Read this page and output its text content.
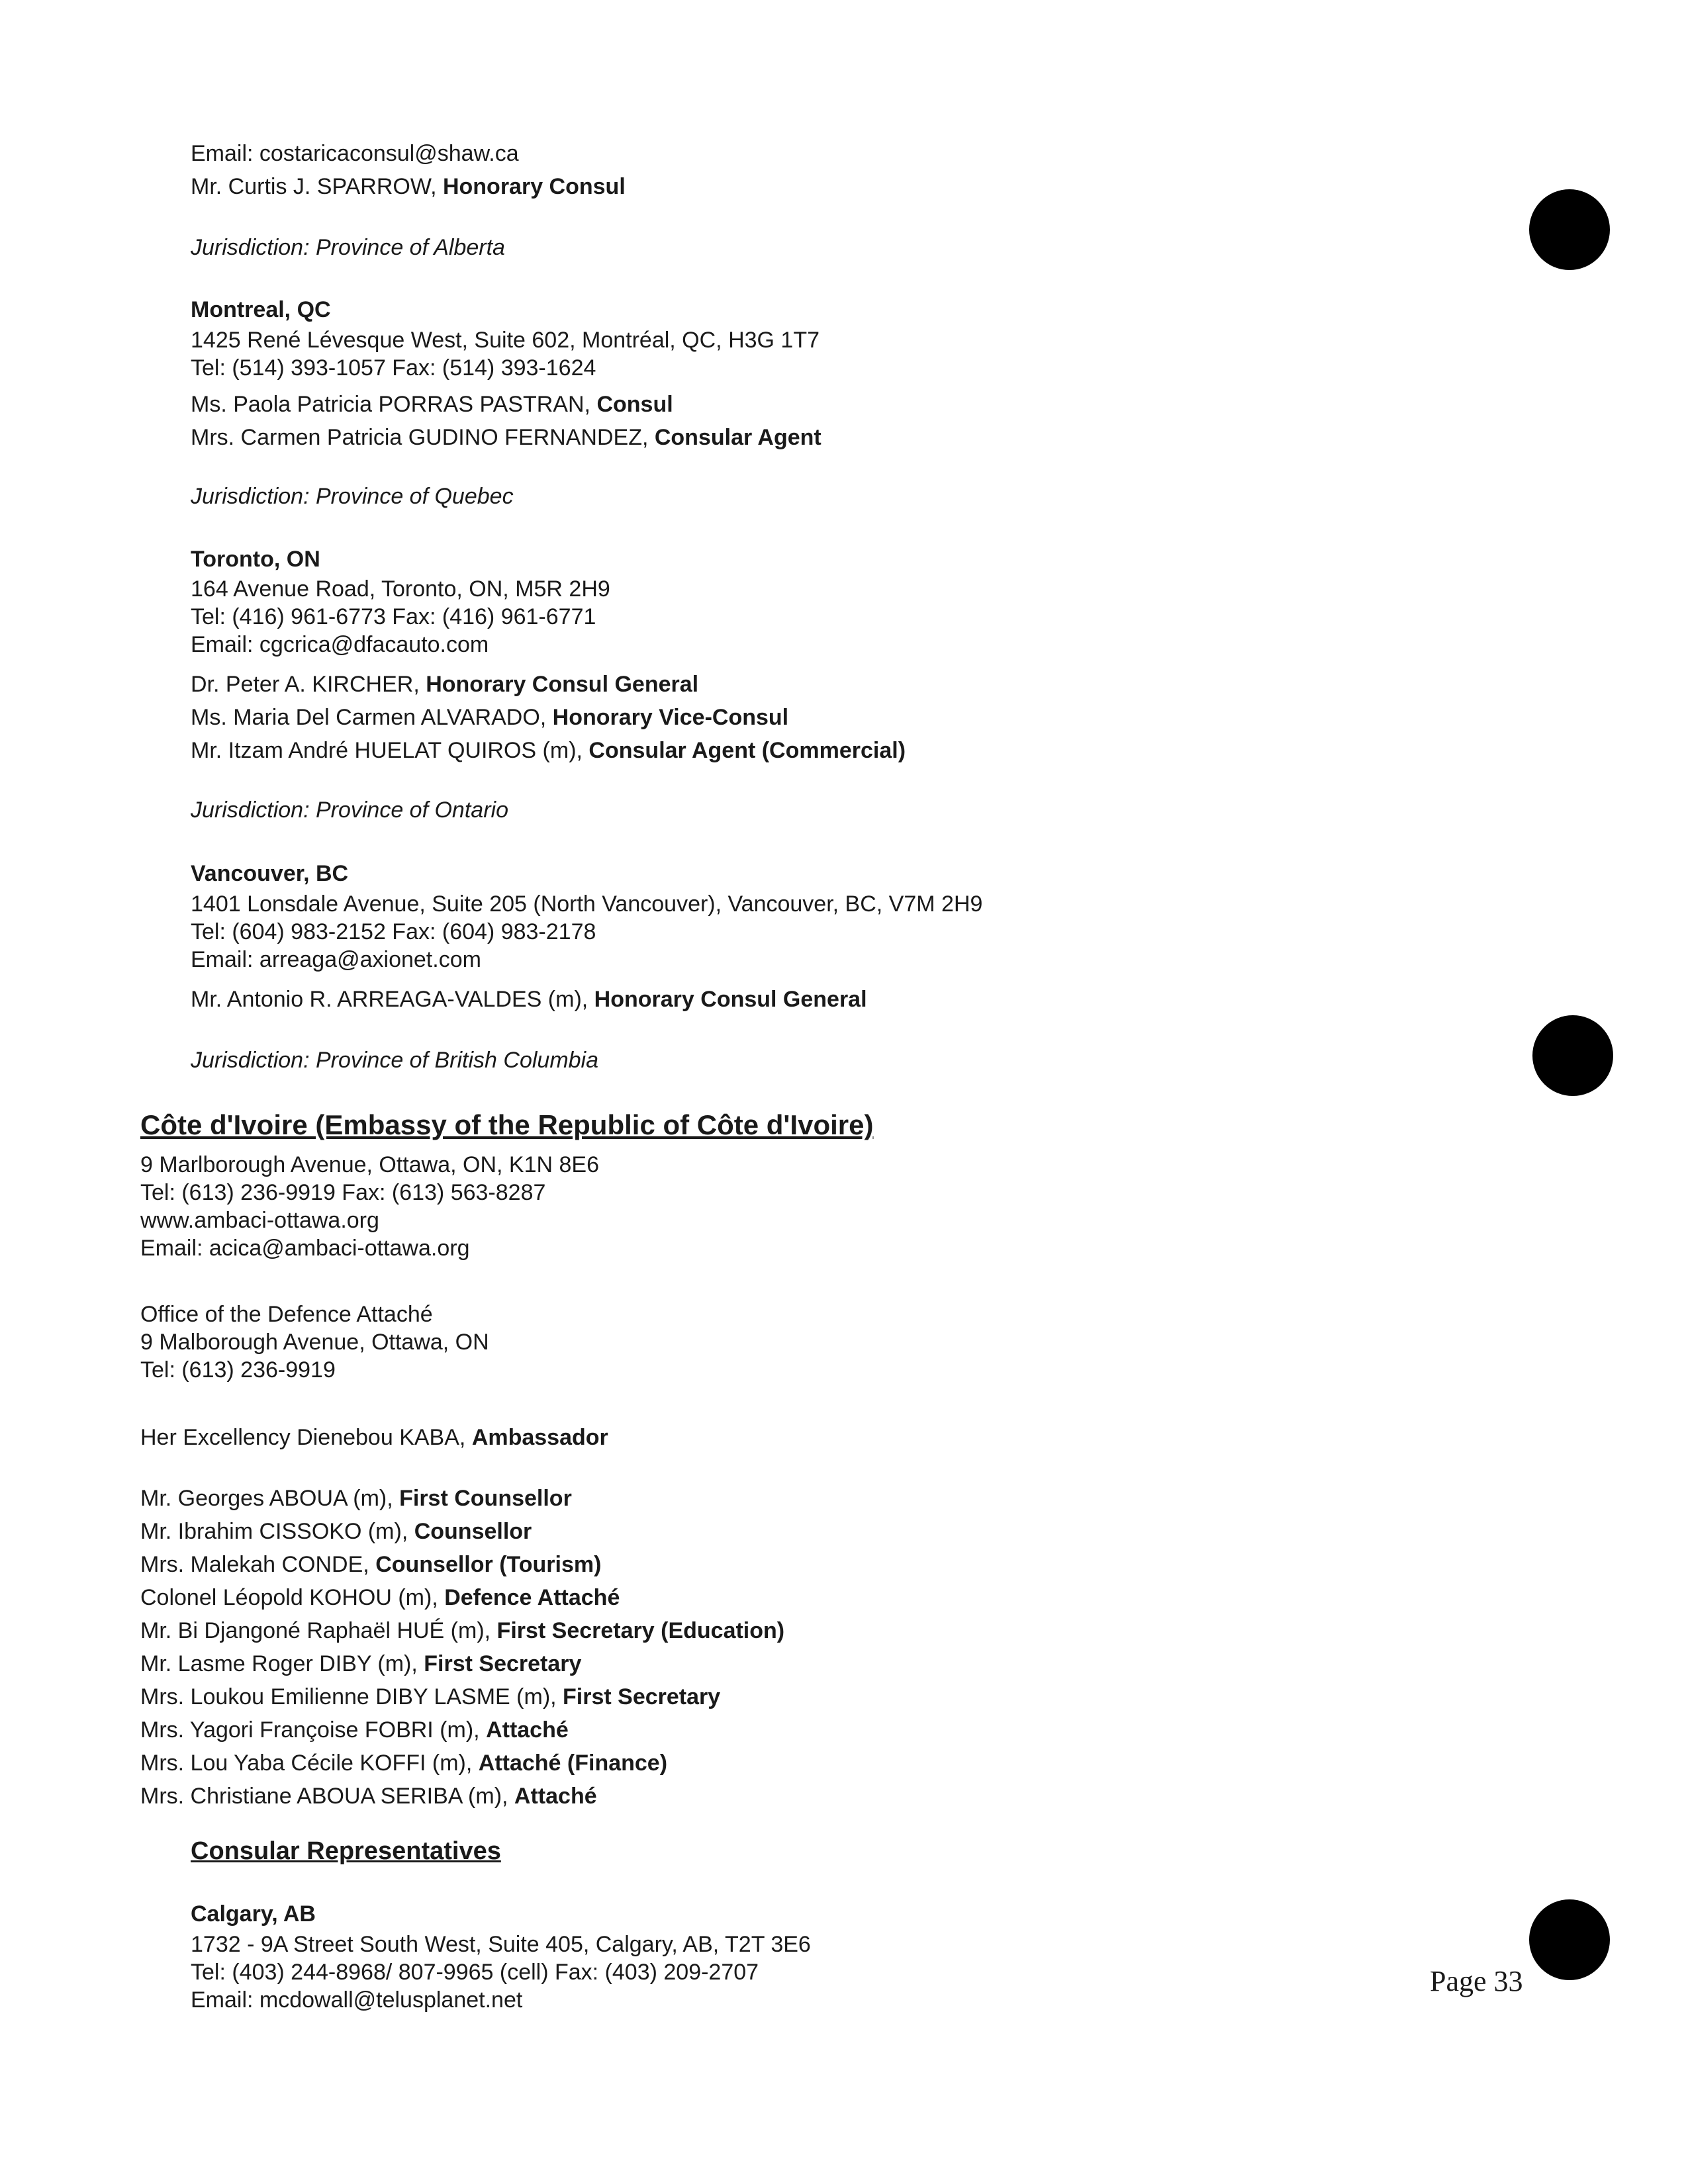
Email: costaricaconsul@shaw.ca
Mr. Curtis J. SPARROW, Honorary Consul
Jurisdiction: Province of Alberta
Montreal, QC
1425 René Lévesque West, Suite 602, Montréal, QC, H3G 1T7
Tel: (514) 393-1057 Fax: (514) 393-1624
Ms. Paola Patricia PORRAS PASTRAN, Consul
Mrs. Carmen Patricia GUDINO FERNANDEZ, Consular Agent
Jurisdiction: Province of Quebec
Toronto, ON
164 Avenue Road, Toronto, ON, M5R 2H9
Tel: (416) 961-6773 Fax: (416) 961-6771
Email: cgcrica@dfacauto.com
Dr. Peter A. KIRCHER, Honorary Consul General
Ms. Maria Del Carmen ALVARADO, Honorary Vice-Consul
Mr. Itzam André HUELAT QUIROS (m), Consular Agent (Commercial)
Jurisdiction: Province of Ontario
Vancouver, BC
1401 Lonsdale Avenue, Suite 205 (North Vancouver), Vancouver, BC, V7M 2H9
Tel: (604) 983-2152 Fax: (604) 983-2178
Email: arreaga@axionet.com
Mr. Antonio R. ARREAGA-VALDES (m), Honorary Consul General
Jurisdiction: Province of British Columbia
Côte d'Ivoire (Embassy of the Republic of Côte d'Ivoire)
9 Marlborough Avenue, Ottawa, ON, K1N 8E6
Tel: (613) 236-9919 Fax: (613) 563-8287
www.ambaci-ottawa.org
Email: acica@ambaci-ottawa.org
Office of the Defence Attaché
9 Malborough Avenue, Ottawa, ON
Tel: (613) 236-9919
Her Excellency Dienebou KABA, Ambassador
Mr. Georges ABOUA (m), First Counsellor
Mr. Ibrahim CISSOKO (m), Counsellor
Mrs. Malekah CONDE, Counsellor (Tourism)
Colonel Léopold KOHOU (m), Defence Attaché
Mr. Bi Djangoné Raphaël HUÉ (m), First Secretary (Education)
Mr. Lasme Roger DIBY (m), First Secretary
Mrs. Loukou Emilienne DIBY LASME (m), First Secretary
Mrs. Yagori Françoise FOBRI (m), Attaché
Mrs. Lou Yaba Cécile KOFFI (m), Attaché (Finance)
Mrs. Christiane ABOUA SERIBA (m), Attaché
Consular Representatives
Calgary, AB
1732 - 9A Street South West, Suite 405, Calgary, AB, T2T 3E6
Tel: (403) 244-8968/ 807-9965 (cell) Fax: (403) 209-2707
Email: mcdowall@telusplanet.net
Page 33
